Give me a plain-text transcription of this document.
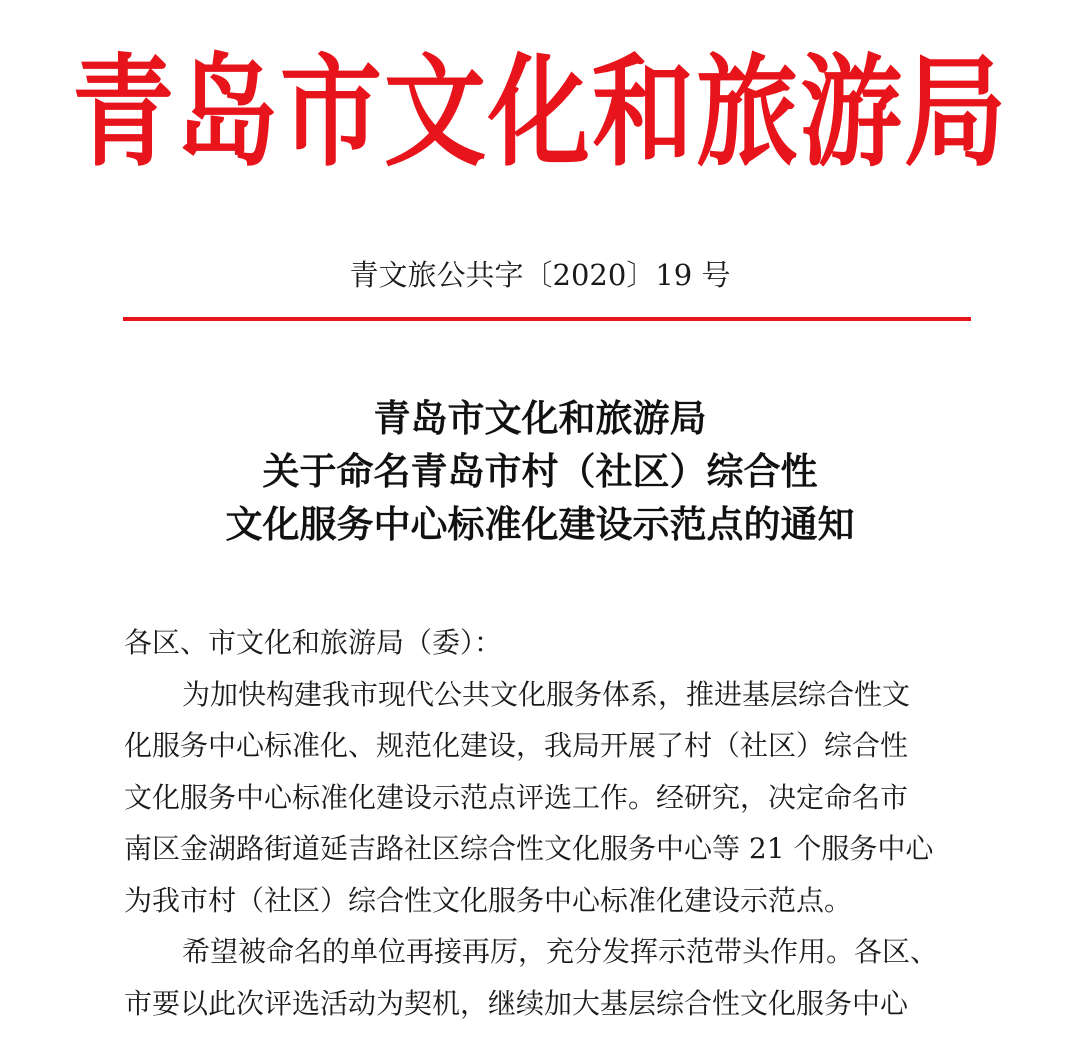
青岛市文化和旅游局
青文旅公共字〔2020〕19 号
青岛市文化和旅游局
关于命名青岛市村（社区）综合性
文化服务中心标准化建设示范点的通知
各区、市文化和旅游局（委）：
为加快构建我市现代公共文化服务体系，推进基层综合性文
化服务中心标准化、规范化建设，我局开展了村（社区）综合性
文化服务中心标准化建设示范点评选工作。经研究，决定命名市
南区金湖路街道延吉路社区综合性文化服务中心等 21 个服务中心
为我市村（社区）综合性文化服务中心标准化建设示范点。
希望被命名的单位再接再厉，充分发挥示范带头作用。各区、
市要以此次评选活动为契机，继续加大基层综合性文化服务中心
